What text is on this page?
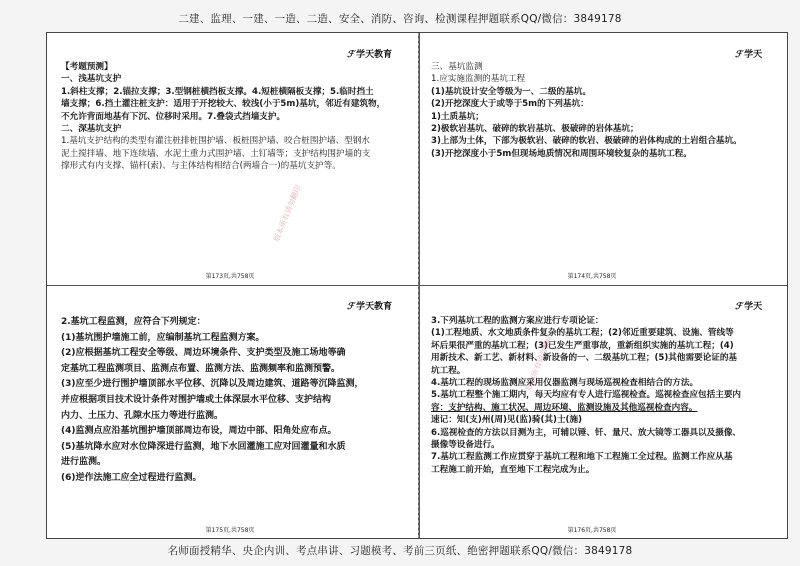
二建、监理、一建、一造、二造、安全、消防、咨询、检测课程押题联系QQ/微信：3849178
ℱ 学天教育
【考题预测】
一、浅基坑支护
1.斜柱支撑；2.锚拉支撑；3.型钢桩横挡板支撑。4.短桩横隔板支撑；5.临时挡土
墙支撑；6.挡土灌注桩支护：适用于开挖较大、较浅(小于5m)基坑，邻近有建筑物，
不允许背面地基有下沉、位移时采用。7.叠袋式挡墙支护。
二、深基坑支护
1.基坑支护结构的类型有灌注桩排桩围护墙、板桩围护墙、咬合桩围护墙、型钢水
泥土搅拌墙、地下连续墙、水泥土重力式围护墙、土钉墙等；支护结构围护墙的支
撑形式有内支撑、锚杆(索)、与主体结构相结合(两墙合一)的基坑支护等。
第173页,共758页
版本所有请勿翻印
ℱ 学天
三、基坑监测
1.应实施监测的基坑工程
(1)基坑设计安全等级为一、二级的基坑。
(2)开挖深度大于或等于5m的下列基坑：
1)土质基坑；
2)极软岩基坑、破碎的软岩基坑、极破碎的岩体基坑；
3)上部为土体，下部为极软岩、破碎的软岩、极破碎的岩体构成的土岩组合基坑。
(3)开挖深度小于5m但现场地质情况和周围环境较复杂的基坑工程。
第174页,共758页
ℱ 学天教育
2.基坑工程监测，应符合下列规定：
(1)基坑围护墙施工前，应编制基坑工程监测方案。
(2)应根据基坑工程安全等级、周边环境条件、支护类型及施工场地等确
定基坑工程监测项目、监测点布置、监测方法、监测频率和监测预警。
(3)应至少进行围护墙顶部水平位移、沉降以及周边建筑、道路等沉降监测，
并应根据项目技术设计条件对围护墙或土体深层水平位移、支护结构
内力、土压力、孔隙水压力等进行监测。
(4)监测点应沿基坑围护墙顶部周边布设，周边中部、阳角处应布点。
(5)基坑降水应对水位降深进行监测，地下水回灌施工应对回灌量和水质
进行监测。
(6)逆作法施工应全过程进行监测。
第175页,共758页
ℱ 学天
3.下列基坑工程的监测方案应进行专项论证：
(1)工程地质、水文地质条件复杂的基坑工程；(2)邻近重要建筑、设施、管线等
坏后果很严重的基坑工程；(3)已发生严重事故，重新组织实施的基坑工程；(4)
用新技术、新工艺、新材料、新设备的一、二级基坑工程；(5)其他需要论证的基
坑工程。
4.基坑工程的现场监测应采用仪器监测与现场巡视检查相结合的方法。
5.基坑工程整个施工期内，每天均应有专人进行巡视检查。巡视检查应包括主要内
容：支护结构、施工状况、周边环境、监测设施及其他巡视检查内容。
速记：知(支)州(周)见(监)骑(其)士(施)
6.巡视检查的方法以目测为主，可辅以锤、钎、量尺、放大镜等工器具以及摄像、
摄像等设备进行。
7.基坑工程监测工作应贯穿于基坑工程和地下工程施工全过程。监测工作应从基
工程施工前开始，直至地下工程完成为止。
第176页,共758页
版本所有请勿翻印
名师面授精华、央企内训、考点串讲、习题模考、考前三页纸、绝密押题联系QQ/微信：3849178
